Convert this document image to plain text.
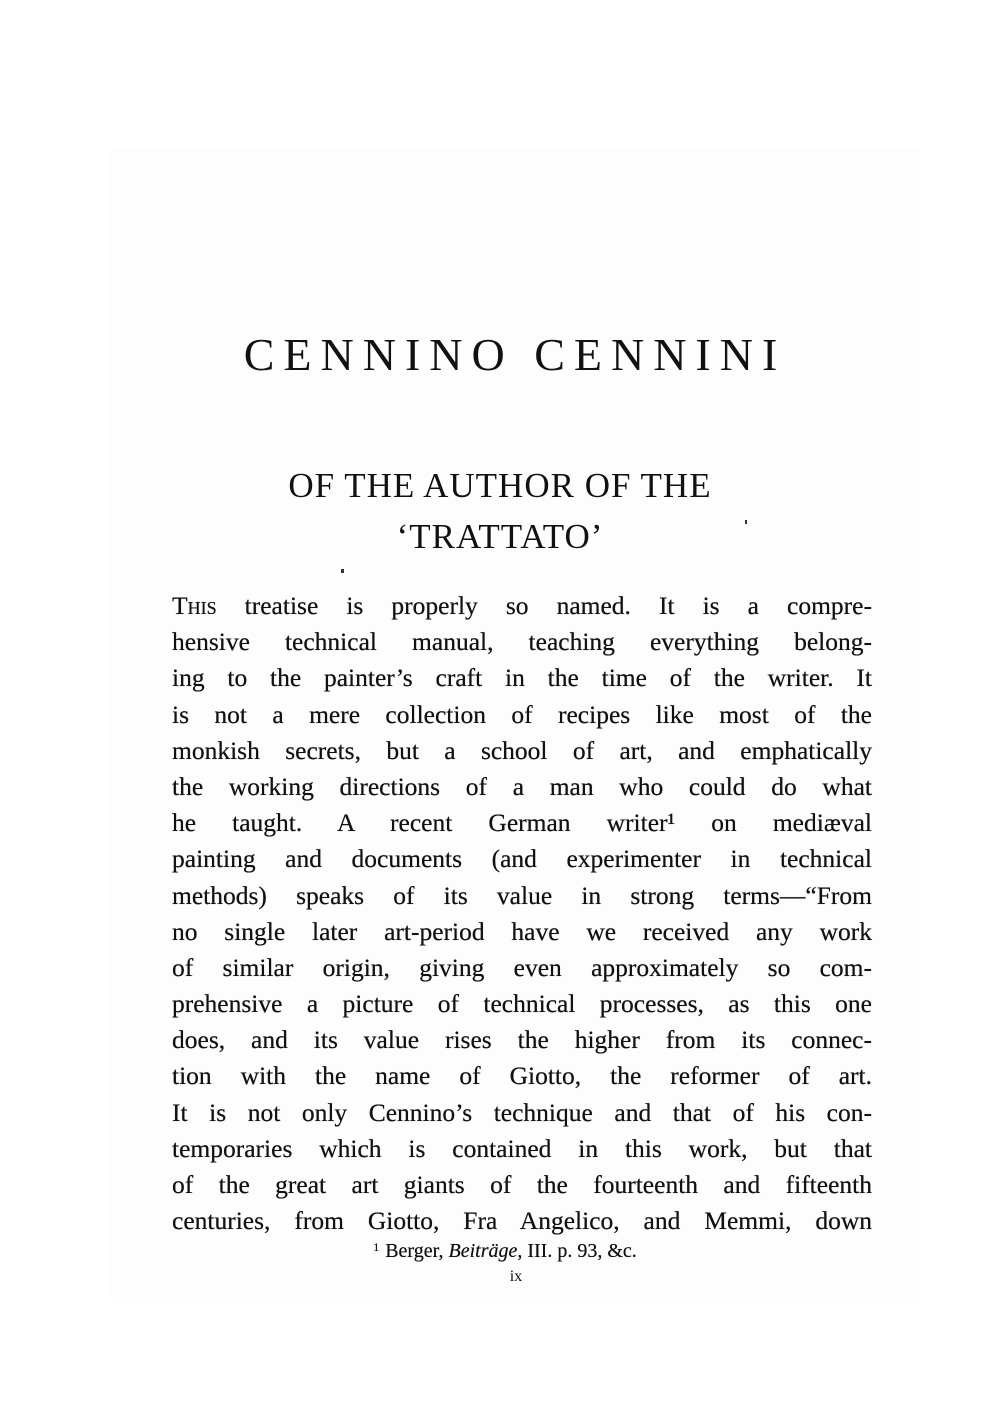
CENNINO CENNINI
OF THE AUTHOR OF THE
‘TRATTATO’
This treatise is properly so named. It is a compre-
hensive technical manual, teaching everything belong-
ing to the painter’s craft in the time of the writer. It
is not a mere collection of recipes like most of the
monkish secrets, but a school of art, and emphatically
the working directions of a man who could do what
he taught. A recent German writer¹ on mediæval
painting and documents (and experimenter in technical
methods) speaks of its value in strong terms—“From
no single later art-period have we received any work
of similar origin, giving even approximately so com-
prehensive a picture of technical processes, as this one
does, and its value rises the higher from its connec-
tion with the name of Giotto, the reformer of art.
It is not only Cennino’s technique and that of his con-
temporaries which is contained in this work, but that
of the great art giants of the fourteenth and fifteenth
centuries, from Giotto, Fra Angelico, and Memmi, down
$^1$ Berger, Beiträge, III. p. 93, &c.
ix
